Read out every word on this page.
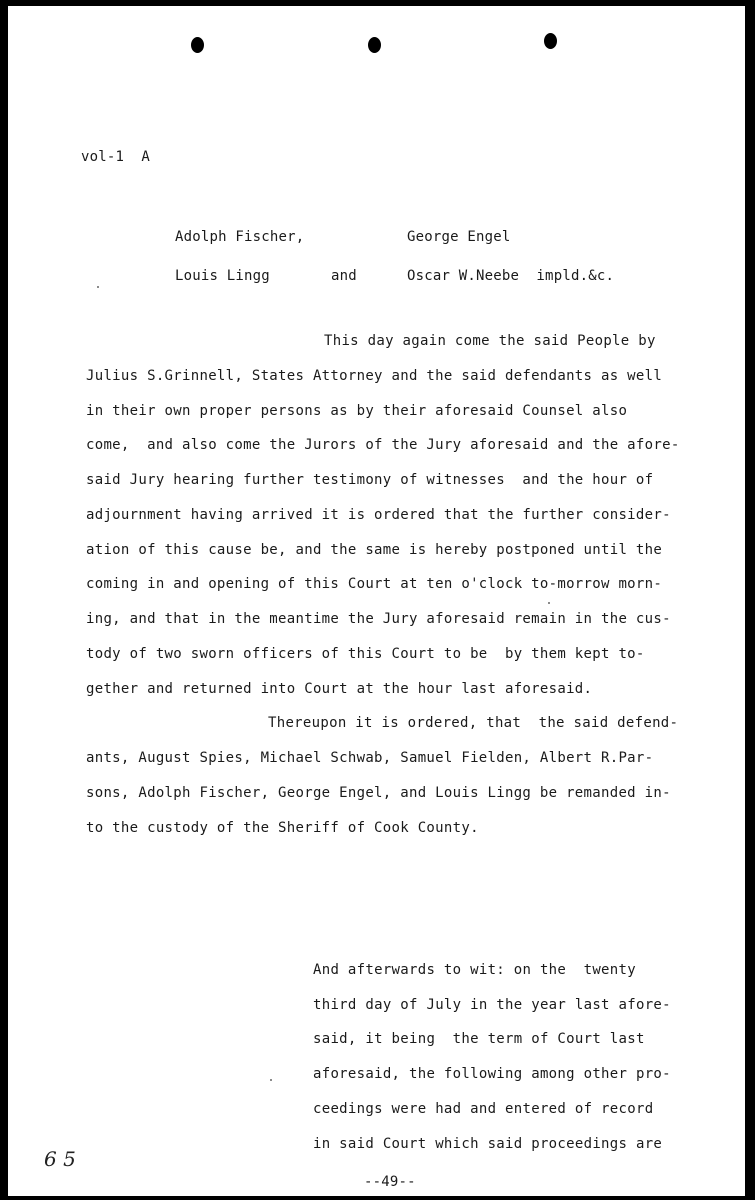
vol-1  A
Adolph Fischer,	George Engel
Louis Lingg	and	Oscar W.Neebe  impld.&c.
This day again come the said People by
Julius S.Grinnell, States Attorney and the said defendants as well
in their own proper persons as by their aforesaid Counsel also
come,  and also come the Jurors of the Jury aforesaid and the afore-
said Jury hearing further testimony of witnesses  and the hour of
adjournment having arrived it is ordered that the further consider-
ation of this cause be, and the same is hereby postponed until the
coming in and opening of this Court at ten o'clock to-morrow morn-
ing, and that in the meantime the Jury aforesaid remain in the cus-
tody of two sworn officers of this Court to be  by them kept to-
gether and returned into Court at the hour last aforesaid.
Thereupon it is ordered, that  the said defend-
ants, August Spies, Michael Schwab, Samuel Fielden, Albert R.Par-
sons, Adolph Fischer, George Engel, and Louis Lingg be remanded in-
to the custody of the Sheriff of Cook County.
And afterwards to wit: on the  twenty
third day of July in the year last afore-
said, it being  the term of Court last
aforesaid, the following among other pro-
ceedings were had and entered of record
in said Court which said proceedings are
6 5
--49--
